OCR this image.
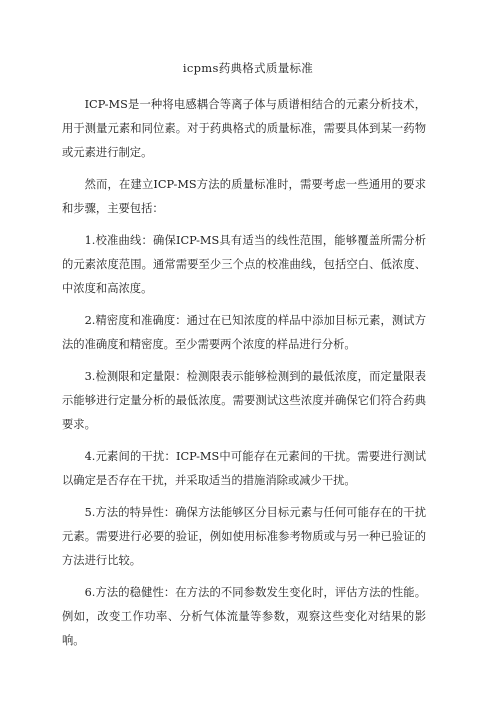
icpms药典格式质量标准

ICP-MS是一种将电感耦合等离子体与质谱相结合的元素分析技术，用于测量元素和同位素。对于药典格式的质量标准，需要具体到某一药物或元素进行制定。

然而，在建立ICP-MS方法的质量标准时，需要考虑一些通用的要求和步骤，主要包括：

1.校准曲线：确保ICP-MS具有适当的线性范围，能够覆盖所需分析的元素浓度范围。通常需要至少三个点的校准曲线，包括空白、低浓度、中浓度和高浓度。

2.精密度和准确度：通过在已知浓度的样品中添加目标元素，测试方法的准确度和精密度。至少需要两个浓度的样品进行分析。

3.检测限和定量限：检测限表示能够检测到的最低浓度，而定量限表示能够进行定量分析的最低浓度。需要测试这些浓度并确保它们符合药典要求。

4.元素间的干扰：ICP-MS中可能存在元素间的干扰。需要进行测试以确定是否存在干扰，并采取适当的措施消除或减少干扰。

5.方法的特异性：确保方法能够区分目标元素与任何可能存在的干扰元素。需要进行必要的验证，例如使用标准参考物质或与另一种已验证的方法进行比较。

6.方法的稳健性：在方法的不同参数发生变化时，评估方法的性能。例如，改变工作功率、分析气体流量等参数，观察这些变化对结果的影响。
